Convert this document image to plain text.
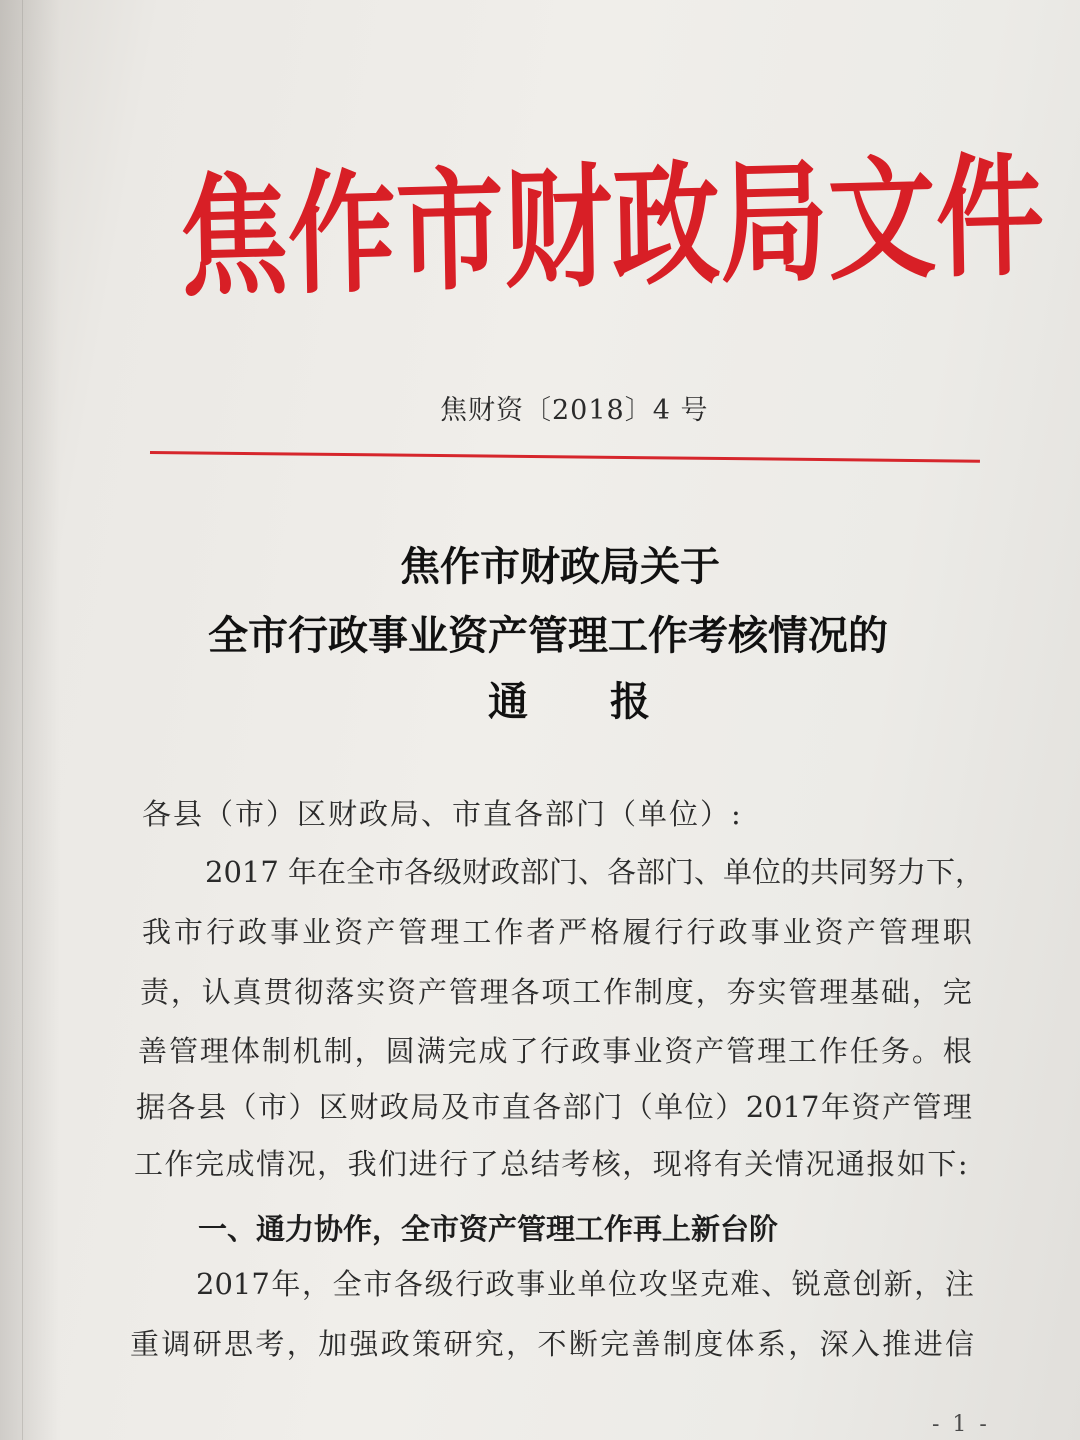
焦
作
市
财
政
局
文
件
焦财资〔2018〕4 号
焦作市财政局关于
全市行政事业资产管理工作考核情况的
通报
各县（市）区财政局、市直各部门（单位）:
2017 年在全市各级财政部门、各部门、单位的共同努力下，
我 市 行 政 事 业 资 产 管 理 工 作 者 严 格 履 行 行 政 事 业 资 产 管 理 职
责 ， 认 真 贯 彻 落 实 资 产 管 理 各 项 工 作 制 度 ， 夯 实 管 理 基 础 ， 完
善 管 理 体 制 机 制 ， 圆 满 完 成 了 行 政 事 业 资 产 管 理 工 作 任 务 。 根
据 各 县 （ 市 ） 区 财 政 局 及 市 直 各 部 门 （ 单 位 ） 2017 年 资 产 管 理
工 作 完 成 情 况 ， 我 们 进 行 了 总 结 考 核 ， 现 将 有 关 情 况 通 报 如 下 :
一、通力协作，全市资产管理工作再上新台阶
2017 年 ， 全 市 各 级 行 政 事 业 单 位 攻 坚 克 难 、 锐 意 创 新 ， 注
重 调 研 思 考 ， 加 强 政 策 研 究 ， 不 断 完 善 制 度 体 系 ， 深 入 推 进 信
- 1 -
